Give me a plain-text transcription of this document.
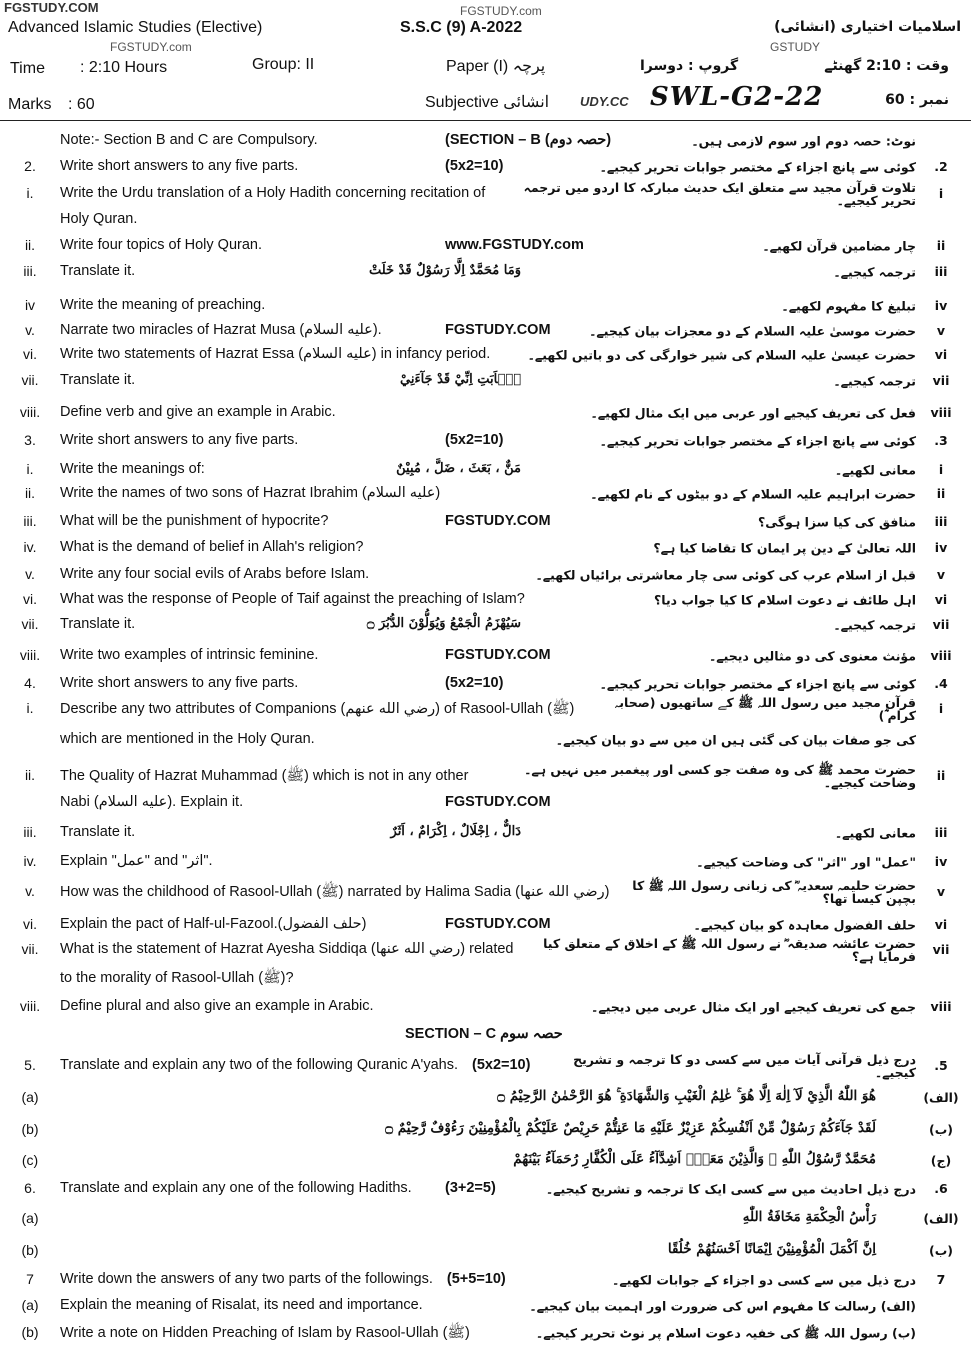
FGSTUDY.COM	FGSTUDY.com
Advanced Islamic Studies (Elective)
FGSTUDY.com
S.S.C (9) A-2022	اسلامیات اختیاری (انشائی)
Time : 2:10 Hours	Group: II	Paper (I) پرچہ	گروپ : دوسرا
GSTUDY
وقت : 2:10 گھنٹے
Marks : 60	Subjective انشائی UDY.CC SWL-G2-22	نمبر : 60
Note:- Section B and C are Compulsory.	(SECTION – B (حصہ دوم)	نوٹ: حصہ دوم اور سوم لازمی ہیں۔
2.	Write short answers to any five parts.	(5x2=10)	کوئی سے پانچ اجزاء کے مختصر جوابات تحریر کیجیے۔	2.
i.	Write the Urdu translation of a Holy Hadith concerning recitation of	تلاوت قرآن مجید سے متعلق ایک حدیث مبارکہ کا اردو میں ترجمہ تحریر کیجیے۔	i
Holy Quran.
ii.	Write four topics of Holy Quran.	www.FGSTUDY.com	چار مضامین قرآن لکھیے۔	ii
iii.	Translate it.	وَمَا مُحَمَّدٌ اِلَّا رَسُوْلٌ قَدْ خَلَتْ	ترجمہ کیجیے۔	iii
iv	Write the meaning of preaching.	تبلیغ کا مفہوم لکھیے۔	iv
v.	Narrate two miracles of Hazrat Musa (عليه السلام).	FGSTUDY.COM	حضرت موسیٰ علیہ السلام کے دو معجزات بیان کیجیے۔	v
vi.	Write two statements of Hazrat Essa (عليه السلام) in infancy period.	حضرت عیسیٰ علیہ السلام کی شیر خوارگی کی دو باتیں لکھیے۔	vi
vii.	Translate it.	يٰۤاَبَتِ اِنِّيْ قَدْ جَآءَنِيْ	ترجمہ کیجیے۔	vii
viii.	Define verb and give an example in Arabic.	فعل کی تعریف کیجیے اور عربی میں ایک مثال لکھیے۔	viii
3.	Write short answers to any five parts.	(5x2=10)	کوئی سے پانچ اجزاء کے مختصر جوابات تحریر کیجیے۔	3.
i.	Write the meanings of:	مَنٌّ ، بَعَثَ ، ضَلَّ ، مُبِيْنٌ	معانی لکھیے۔	i
ii.	Write the names of two sons of Hazrat Ibrahim (عليه السلام)	حضرت ابراہیم علیہ السلام کے دو بیٹوں کے نام لکھیے۔	ii
iii.	What will be the punishment of hypocrite?	FGSTUDY.COM	منافق کی کیا سزا ہوگی؟	iii
iv.	What is the demand of belief in Allah's religion?	اللہ تعالیٰ کے دین پر ایمان کا تقاضا کیا ہے؟	iv
v.	Write any four social evils of Arabs before Islam.	قبل از اسلام عرب کی کوئی سی چار معاشرتی برائیاں لکھیے۔	v
vi.	What was the response of People of Taif against the preaching of Islam?	اہل طائف نے دعوت اسلام کا کیا جواب دیا؟	vi
vii.	Translate it.	سَيُهْزَمُ الْجَمْعُ وَيُوَلُّوْنَ الدُّبُرَ ۝	ترجمہ کیجیے۔	vii
viii.	Write two examples of intrinsic feminine.	FGSTUDY.COM	مؤنث معنوی کی دو مثالیں دیجیے۔	viii
4.	Write short answers to any five parts.	(5x2=10)	کوئی سے پانچ اجزاء کے مختصر جوابات تحریر کیجیے۔	4.
i.	Describe any two attributes of Companions (رضي الله عنهم) of Rasool-Ullah (ﷺ)	قرآن مجید میں رسول اللہ ﷺ کے ساتھیوں (صحابہ کرام ؓ)	i
which are mentioned in the Holy Quran.	کی جو صفات بیان کی گئی ہیں ان میں سے دو بیان کیجیے۔
ii.	The Quality of Hazrat Muhammad (ﷺ) which is not in any other	حضرت محمد ﷺ کی وہ صفت جو کسی اور پیغمبر میں نہیں ہے۔ وضاحت کیجیے۔	ii
Nabi (عليه السلام). Explain it.	FGSTUDY.COM
iii.	Translate it.	دَالٌّ ، اِجْلَالٌ ، اِكْرَامٌ ، اَثَرٌ	معانی لکھیے۔	iii
iv.	Explain "عمل" and "اثر".	"عمل" اور "اثر" کی وضاحت کیجیے۔	iv
v.	How was the childhood of Rasool-Ullah (ﷺ) narrated by Halima Sadia (رضي الله عنها)	حضرت حلیمہ سعدیہ ؓ کی زبانی رسول اللہ ﷺ کا بچپن کیسا تھا؟	v
vi.	Explain the pact of Half-ul-Fazool.(حلف الفضول)	FGSTUDY.COM	حلف الفضول معاہدہ کو بیان کیجیے۔	vi
vii.	What is the statement of Hazrat Ayesha Siddiqa (رضي الله عنها) related	حضرت عائشہ صدیقہ ؓ نے رسول اللہ ﷺ کے اخلاق کے متعلق کیا فرمایا ہے؟	vii
to the morality of Rasool-Ullah (ﷺ)?
viii.	Define plural and also give an example in Arabic.	جمع کی تعریف کیجیے اور ایک مثال عربی میں دیجیے۔	viii
SECTION – C حصہ سوم
5.	Translate and explain any two of the following Quranic A'yahs. (5x2=10)	درج ذیل قرآنی آیات میں سے کسی دو کا ترجمہ و تشریح کیجیے۔	5.
(a)	هُوَ اللّٰهُ الَّذِيْ لَآ اِلٰهَ اِلَّا هُوَ ۚ عٰلِمُ الْغَيْبِ وَالشَّهَادَةِ ۚ هُوَ الرَّحْمٰنُ الرَّحِيْمُ ۝	(الف)
(b)	لَقَدْ جَآءَكُمْ رَسُوْلٌ مِّنْ اَنْفُسِكُمْ عَزِيْزٌ عَلَيْهِ مَا عَنِتُّمْ حَرِيْصٌ عَلَيْكُمْ بِالْمُؤْمِنِيْنَ رَءُوْفٌ رَّحِيْمٌ ۝	(ب)
(c)	مُحَمَّدٌ رَّسُوْلُ اللّٰهِ ۚ وَالَّذِيْنَ مَعَهٗۤ اَشِدَّآءُ عَلَى الْكُفَّارِ رُحَمَآءُ بَيْنَهُمْ	(ج)
6.	Translate and explain any one of the following Hadiths. (3+2=5)	درج ذیل احادیث میں سے کسی ایک کا ترجمہ و تشریح کیجیے۔	6.
(a)	رَأْسُ الْحِكْمَةِ مَخَافَةُ اللّٰهِ	(الف)
(b)	اِنَّ اَكْمَلَ الْمُؤْمِنِيْنَ اِيْمَانًا اَحْسَنُهُمْ خُلُقًا	(ب)
7	Write down the answers of any two parts of the followings. (5+5=10)	درج ذیل میں سے کسی دو اجزاء کے جوابات لکھیے۔	7
(a)	Explain the meaning of Risalat, its need and importance.	(الف) رسالت کا مفہوم اس کی ضرورت اور اہمیت بیان کیجیے۔
(b)	Write a note on Hidden Preaching of Islam by Rasool-Ullah (ﷺ)	(ب) رسول اللہ ﷺ کی خفیہ دعوت اسلام پر نوٹ تحریر کیجیے۔
